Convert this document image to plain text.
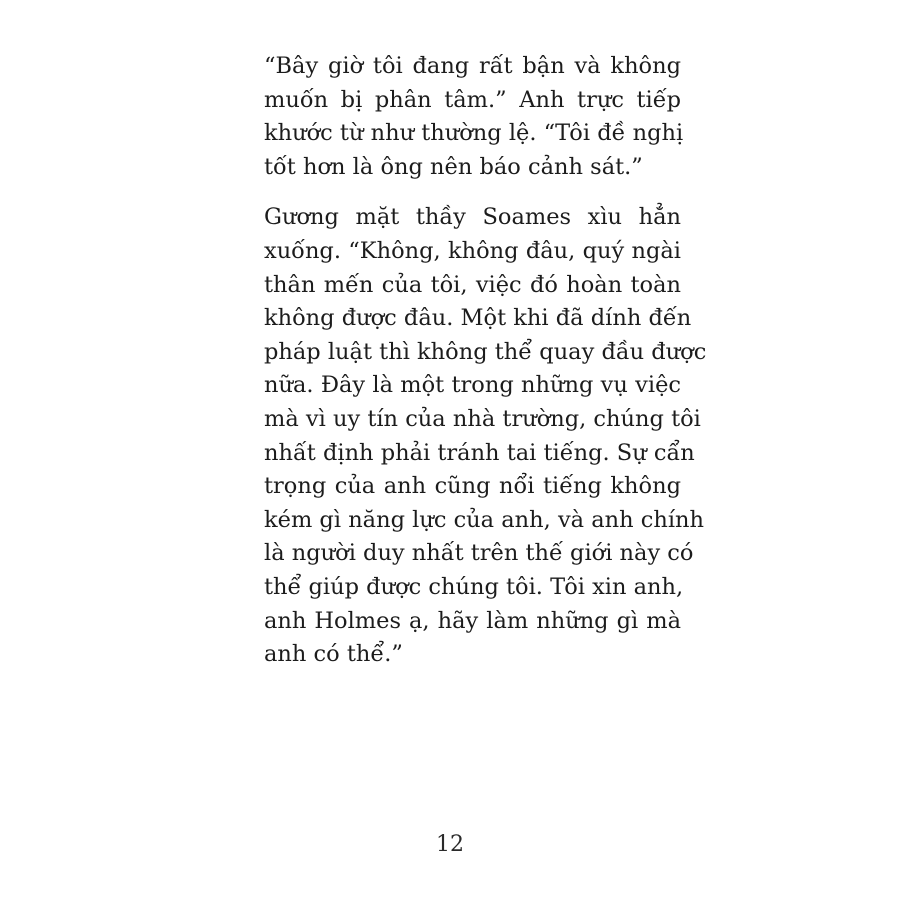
“Bây giờ tôi đang rất bận và không
muốn bị phân tâm.” Anh trực tiếp
khước từ như thường lệ. “Tôi đề nghị
tốt hơn là ông nên báo cảnh sát.”

Gương mặt thầy Soames xìu hẳn
xuống. “Không, không đâu, quý ngài
thân mến của tôi, việc đó hoàn toàn
không được đâu. Một khi đã dính đến
pháp luật thì không thể quay đầu được
nữa. Đây là một trong những vụ việc
mà vì uy tín của nhà trường, chúng tôi
nhất định phải tránh tai tiếng. Sự cẩn
trọng của anh cũng nổi tiếng không
kém gì năng lực của anh, và anh chính
là người duy nhất trên thế giới này có
thể giúp được chúng tôi. Tôi xin anh,
anh Holmes ạ, hãy làm những gì mà
anh có thể.”

12
